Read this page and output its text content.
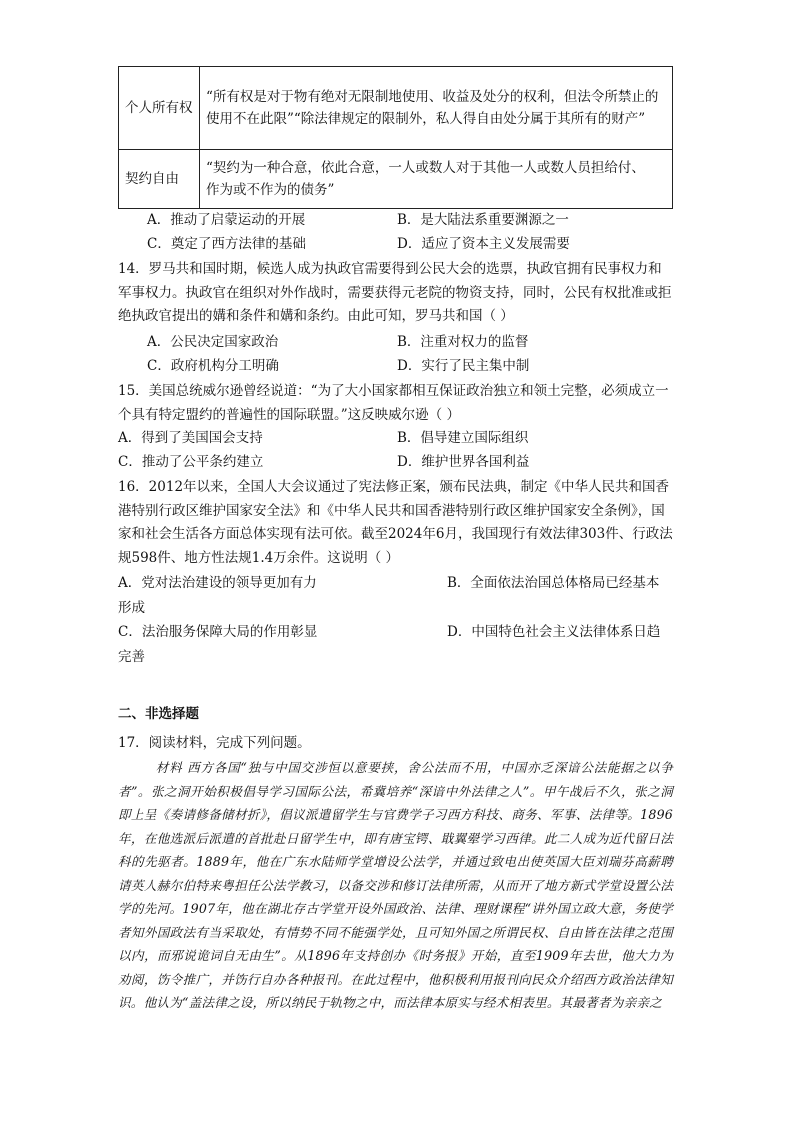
个人所有权	“所有权是对于物有绝对无限制地使用、收益及处分的权利，但法令所禁止的
使用不在此限”“除法律规定的限制外，私人得自由处分属于其所有的财产”

契约自由	“契约为一种合意，依此合意，一人或数人对于其他一人或数人员担给付、
作为或不作为的债务”
A．推动了启蒙运动的开展	B．是大陆法系重要渊源之一
C．奠定了西方法律的基础	D．适应了资本主义发展需要
14．罗马共和国时期，候选人成为执政官需要得到公民大会的选票，执政官拥有民事权力和军事权力。执政官在组织对外作战时，需要获得元老院的物资支持，同时，公民有权批准或拒绝执政官提出的媾和条件和媾和条约。由此可知，罗马共和国（ ）
A．公民决定国家政治	B．注重对权力的监督
C．政府机构分工明确	D．实行了民主集中制
15．美国总统威尔逊曾经说道：“为了大小国家都相互保证政治独立和领土完整，必须成立一个具有特定盟约的普遍性的国际联盟。”这反映威尔逊（ ）
A．得到了美国国会支持	B．倡导建立国际组织
C．推动了公平条约建立	D．维护世界各国利益
16．2012年以来，全国人大会议通过了宪法修正案，颁布民法典，制定《中华人民共和国香港特别行政区维护国家安全法》和《中华人民共和国香港特别行政区维护国家安全条例》，国家和社会生活各方面总体实现有法可依。截至2024年6月，我国现行有效法律303件、行政法规598件、地方性法规1.4万余件。这说明（ ）
A．党对法治建设的领导更加有力	B．全面依法治国总体格局已经基本
形成
C．法治服务保障大局的作用彰显	D．中国特色社会主义法律体系日趋
完善
二、非选择题
17．阅读材料，完成下列问题。

材料 西方各国“独与中国交涉恒以意要挟，舍公法而不用，中国亦乏深谙公法能据之以争者”。张之洞开始积极倡导学习国际公法，希冀培养“深谙中外法律之人”。甲午战后不久，张之洞即上呈《奏请修备储材折》，倡议派遣留学生与官费学子习西方科技、商务、军事、法律等。1896年，在他选派后派遣的首批赴日留学生中，即有唐宝锷、戢翼翚学习西律。此二人成为近代留日法科的先驱者。1889年，他在广东水陆师学堂增设公法学，并通过致电出使英国大臣刘瑞芬高薪聘请英人赫尔伯特来粤担任公法学教习，以备交涉和修订法律所需，从而开了地方新式学堂设置公法学的先河。1907年，他在湖北存古学堂开设外国政治、法律、理财课程“讲外国立政大意，务使学者知外国政法有当采取处，有情势不同不能强学处，且可知外国之所谓民权、自由皆在法律之范围以内，而邪说诡词自无由生”。从1896年支持创办《时务报》开始，直至1909年去世，他大力为劝阅，饬令推广，并饬行自办各种报刊。在此过程中，他积极利用报刊向民众介绍西方政治法律知识。他认为“盖法律之设，所以纳民于轨物之中，而法律本原实与经术相表里。其最著者为亲亲之
